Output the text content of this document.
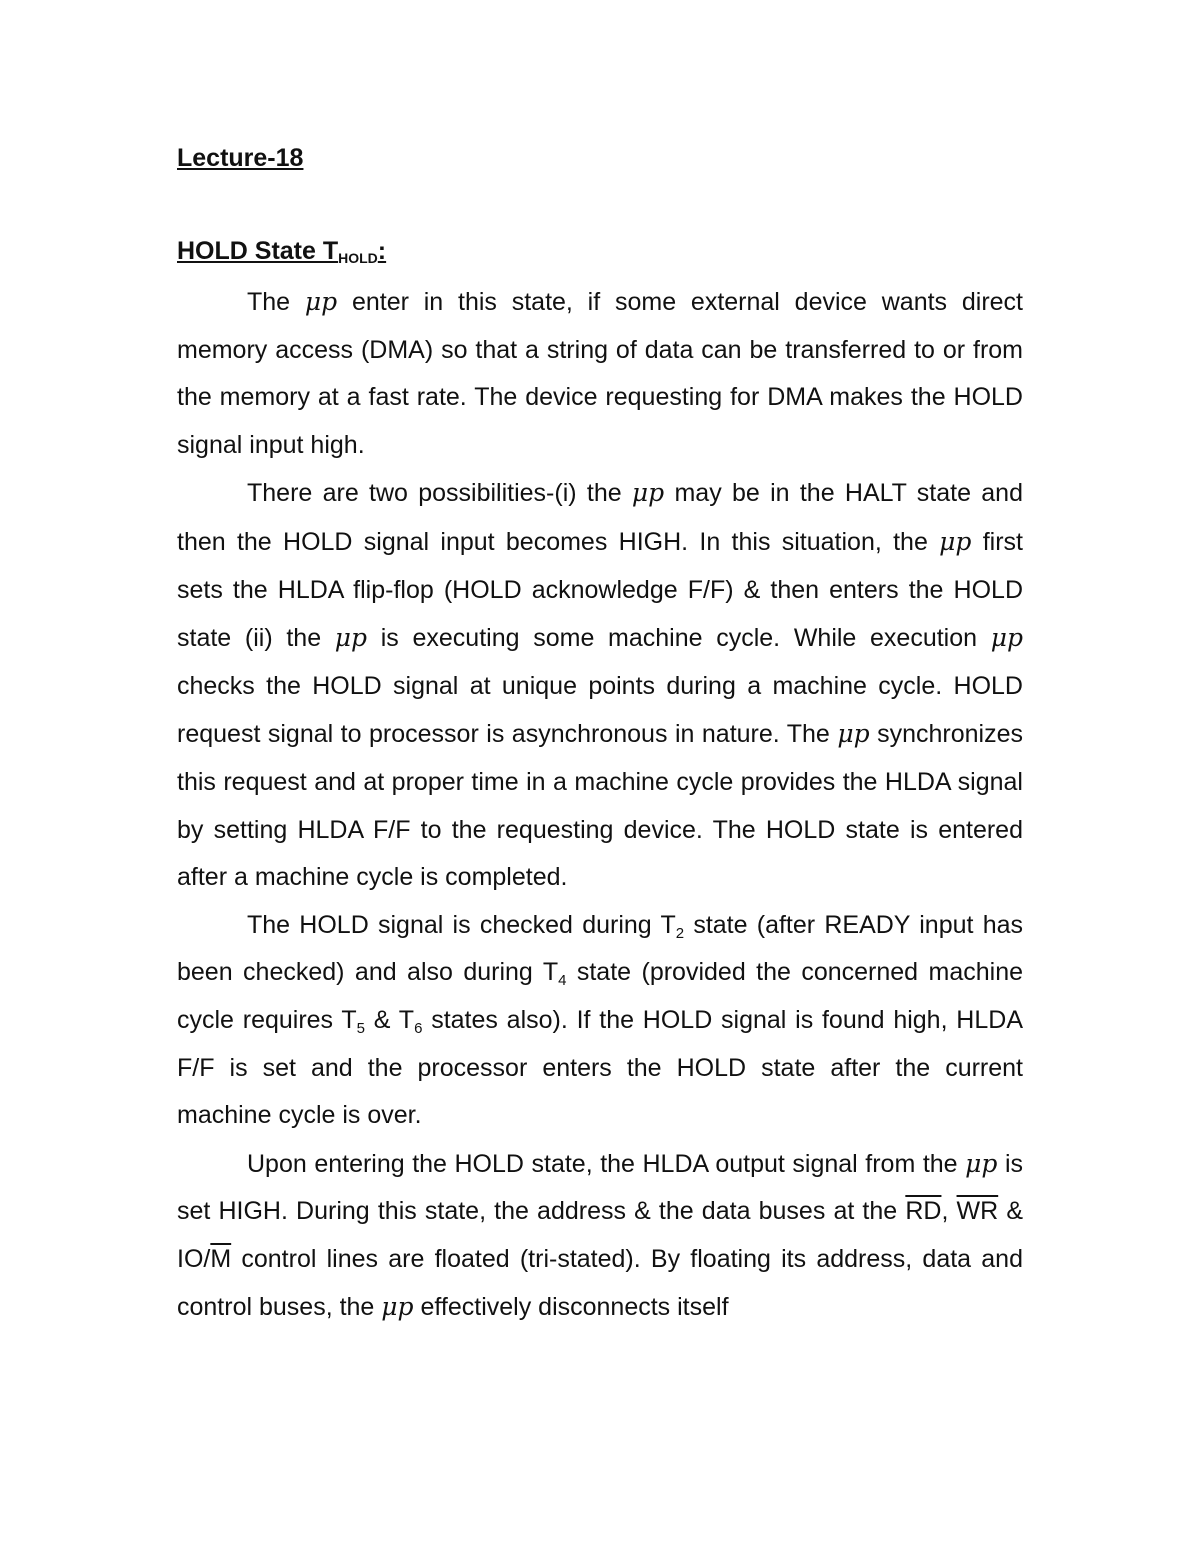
Lecture-18
HOLD State $T_{HOLD}$:

The μp enter in this state, if some external device wants direct memory access (DMA) so that a string of data can be transferred to or from the memory at a fast rate. The device requesting for DMA makes the HOLD signal input high.

There are two possibilities-(i) the μp may be in the HALT state and then the HOLD signal input becomes HIGH. In this situation, the μp first sets the HLDA flip-flop (HOLD acknowledge F/F) & then enters the HOLD state (ii) the μp is executing some machine cycle. While execution μp checks the HOLD signal at unique points during a machine cycle. HOLD request signal to processor is asynchronous in nature. The μp synchronizes this request and at proper time in a machine cycle provides the HLDA signal by setting HLDA F/F to the requesting device. The HOLD state is entered after a machine cycle is completed.

The HOLD signal is checked during $T_2$ state (after READY input has been checked) and also during $T_4$ state (provided the concerned machine cycle requires $T_5$ & $T_6$ states also). If the HOLD signal is found high, HLDA F/F is set and the processor enters the HOLD state after the current machine cycle is over.

Upon entering the HOLD state, the HLDA output signal from the μp is set HIGH. During this state, the address & the data buses at the $\overline{RD}$, $\overline{WR}$ & $IO/\overline{M}$ control lines are floated (tri-stated). By floating its address, data and control buses, the μp effectively disconnects itself
